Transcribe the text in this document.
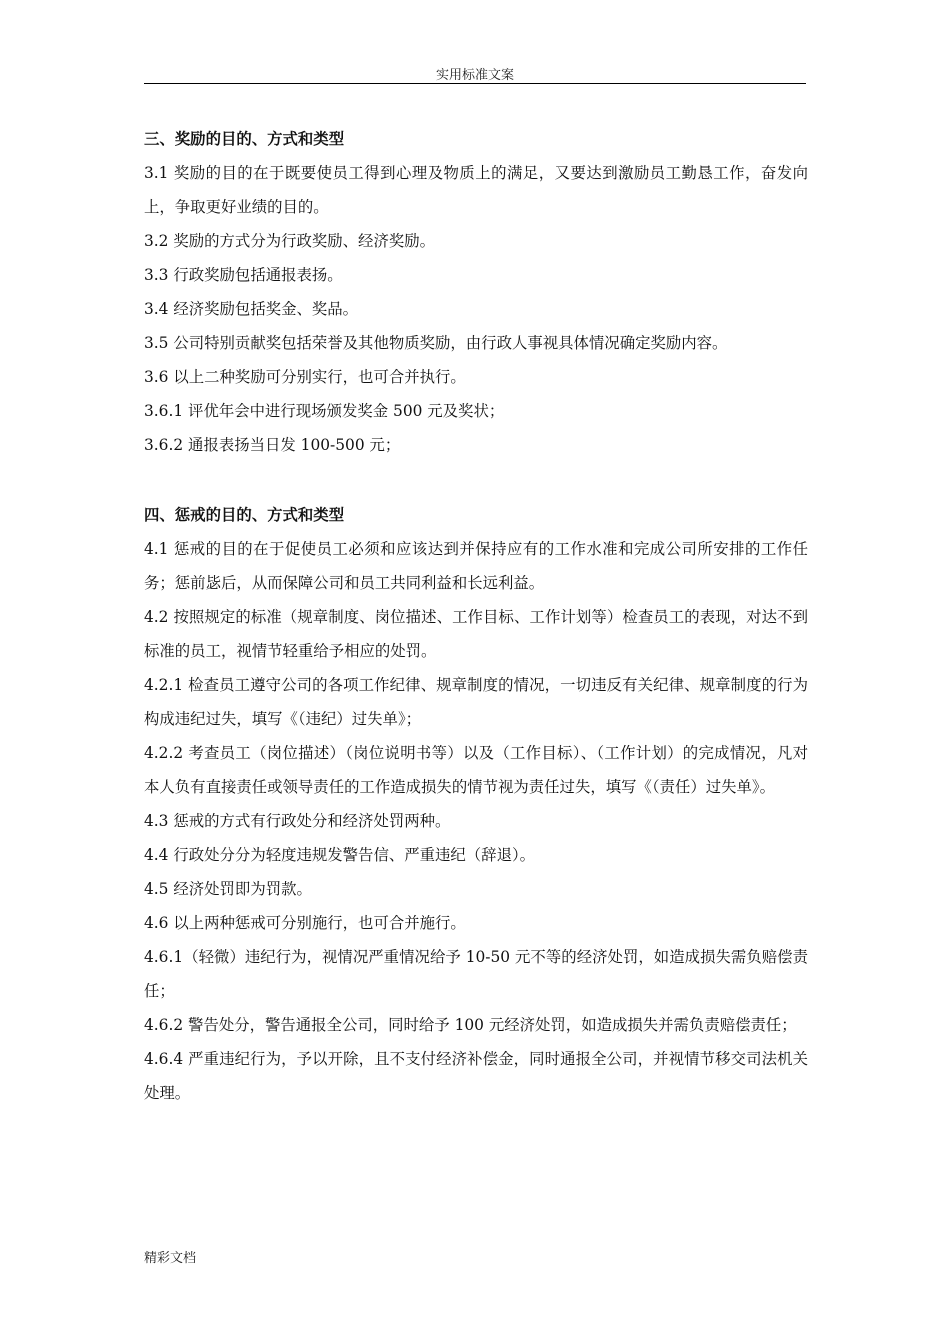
实用标准文案

三、奖励的目的、方式和类型

3.1 奖励的目的在于既要使员工得到心理及物质上的满足，又要达到激励员工勤恳工作，奋发向上，争取更好业绩的目的。

3.2 奖励的方式分为行政奖励、经济奖励。

3.3 行政奖励包括通报表扬。

3.4 经济奖励包括奖金、奖品。

3.5 公司特别贡献奖包括荣誉及其他物质奖励，由行政人事视具体情况确定奖励内容。

3.6 以上二种奖励可分别实行，也可合并执行。

3.6.1 评优年会中进行现场颁发奖金 500 元及奖状；

3.6.2 通报表扬当日发 100-500 元；

四、惩戒的目的、方式和类型

4.1 惩戒的目的在于促使员工必须和应该达到并保持应有的工作水准和完成公司所安排的工作任务；惩前毖后，从而保障公司和员工共同利益和长远利益。

4.2 按照规定的标准（规章制度、岗位描述、工作目标、工作计划等）检查员工的表现，对达不到标准的员工，视情节轻重给予相应的处罚。

4.2.1 检查员工遵守公司的各项工作纪律、规章制度的情况，一切违反有关纪律、规章制度的行为构成违纪过失，填写《（违纪）过失单》；

4.2.2 考查员工（岗位描述）（岗位说明书等）以及（工作目标）、（工作计划）的完成情况，凡对本人负有直接责任或领导责任的工作造成损失的情节视为责任过失，填写《（责任）过失单》。

4.3 惩戒的方式有行政处分和经济处罚两种。

4.4 行政处分分为轻度违规发警告信、严重违纪（辞退）。

4.5 经济处罚即为罚款。

4.6 以上两种惩戒可分别施行，也可合并施行。

4.6.1（轻微）违纪行为，视情况严重情况给予 10-50 元不等的经济处罚，如造成损失需负赔偿责任；

4.6.2 警告处分，警告通报全公司，同时给予 100 元经济处罚，如造成损失并需负责赔偿责任；

4.6.4 严重违纪行为，予以开除，且不支付经济补偿金，同时通报全公司，并视情节移交司法机关处理。

精彩文档
